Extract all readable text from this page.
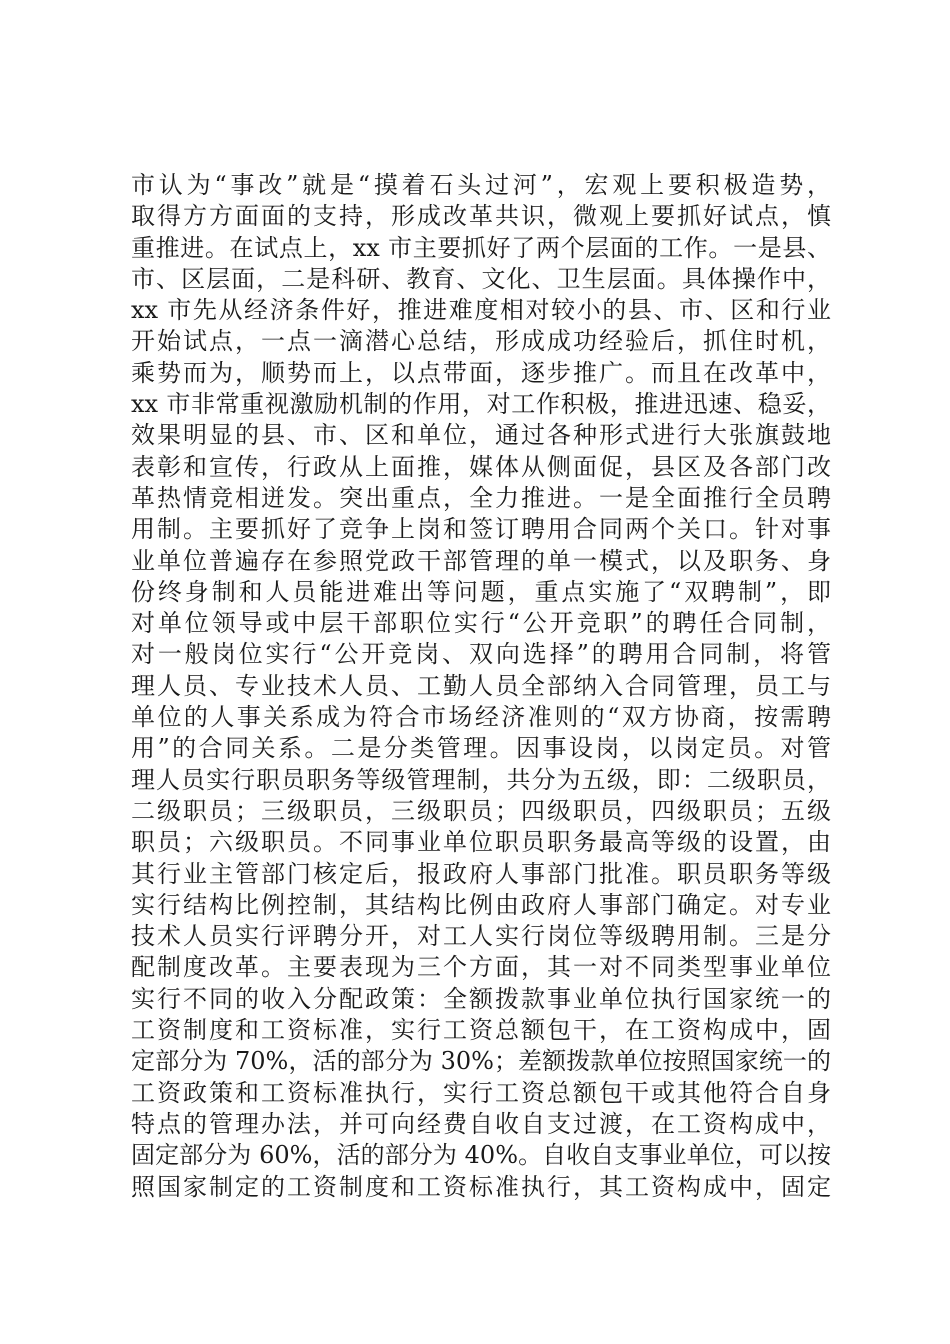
市认为“事改”就是“摸着石头过河”，宏观上要积极造势，
取得方方面面的支持，形成改革共识，微观上要抓好试点，慎
重推进。在试点上，xx 市主要抓好了两个层面的工作。一是县、
市、区层面，二是科研、教育、文化、卫生层面。具体操作中，
xx 市先从经济条件好，推进难度相对较小的县、市、区和行业
开始试点，一点一滴潜心总结，形成成功经验后，抓住时机，
乘势而为，顺势而上，以点带面，逐步推广。而且在改革中，
xx 市非常重视激励机制的作用，对工作积极，推进迅速、稳妥，
效果明显的县、市、区和单位，通过各种形式进行大张旗鼓地
表彰和宣传，行政从上面推，媒体从侧面促，县区及各部门改
革热情竞相迸发。突出重点，全力推进。一是全面推行全员聘
用制。主要抓好了竞争上岗和签订聘用合同两个关口。针对事
业单位普遍存在参照党政干部管理的单一模式，以及职务、身
份终身制和人员能进难出等问题，重点实施了“双聘制”，即
对单位领导或中层干部职位实行“公开竞职”的聘任合同制，
对一般岗位实行“公开竞岗、双向选择”的聘用合同制，将管
理人员、专业技术人员、工勤人员全部纳入合同管理，员工与
单位的人事关系成为符合市场经济准则的“双方协商，按需聘
用”的合同关系。二是分类管理。因事设岗，以岗定员。对管
理人员实行职员职务等级管理制，共分为五级，即：二级职员，
二级职员；三级职员，三级职员；四级职员，四级职员；五级
职员；六级职员。不同事业单位职员职务最高等级的设置，由
其行业主管部门核定后，报政府人事部门批准。职员职务等级
实行结构比例控制，其结构比例由政府人事部门确定。对专业
技术人员实行评聘分开，对工人实行岗位等级聘用制。三是分
配制度改革。主要表现为三个方面，其一对不同类型事业单位
实行不同的收入分配政策：全额拨款事业单位执行国家统一的
工资制度和工资标准，实行工资总额包干，在工资构成中，固
定部分为 70%，活的部分为 30%；差额拨款单位按照国家统一的
工资政策和工资标准执行，实行工资总额包干或其他符合自身
特点的管理办法，并可向经费自收自支过渡，在工资构成中，
固定部分为 60%，活的部分为 40%。自收自支事业单位，可以按
照国家制定的工资制度和工资标准执行，其工资构成中，固定
